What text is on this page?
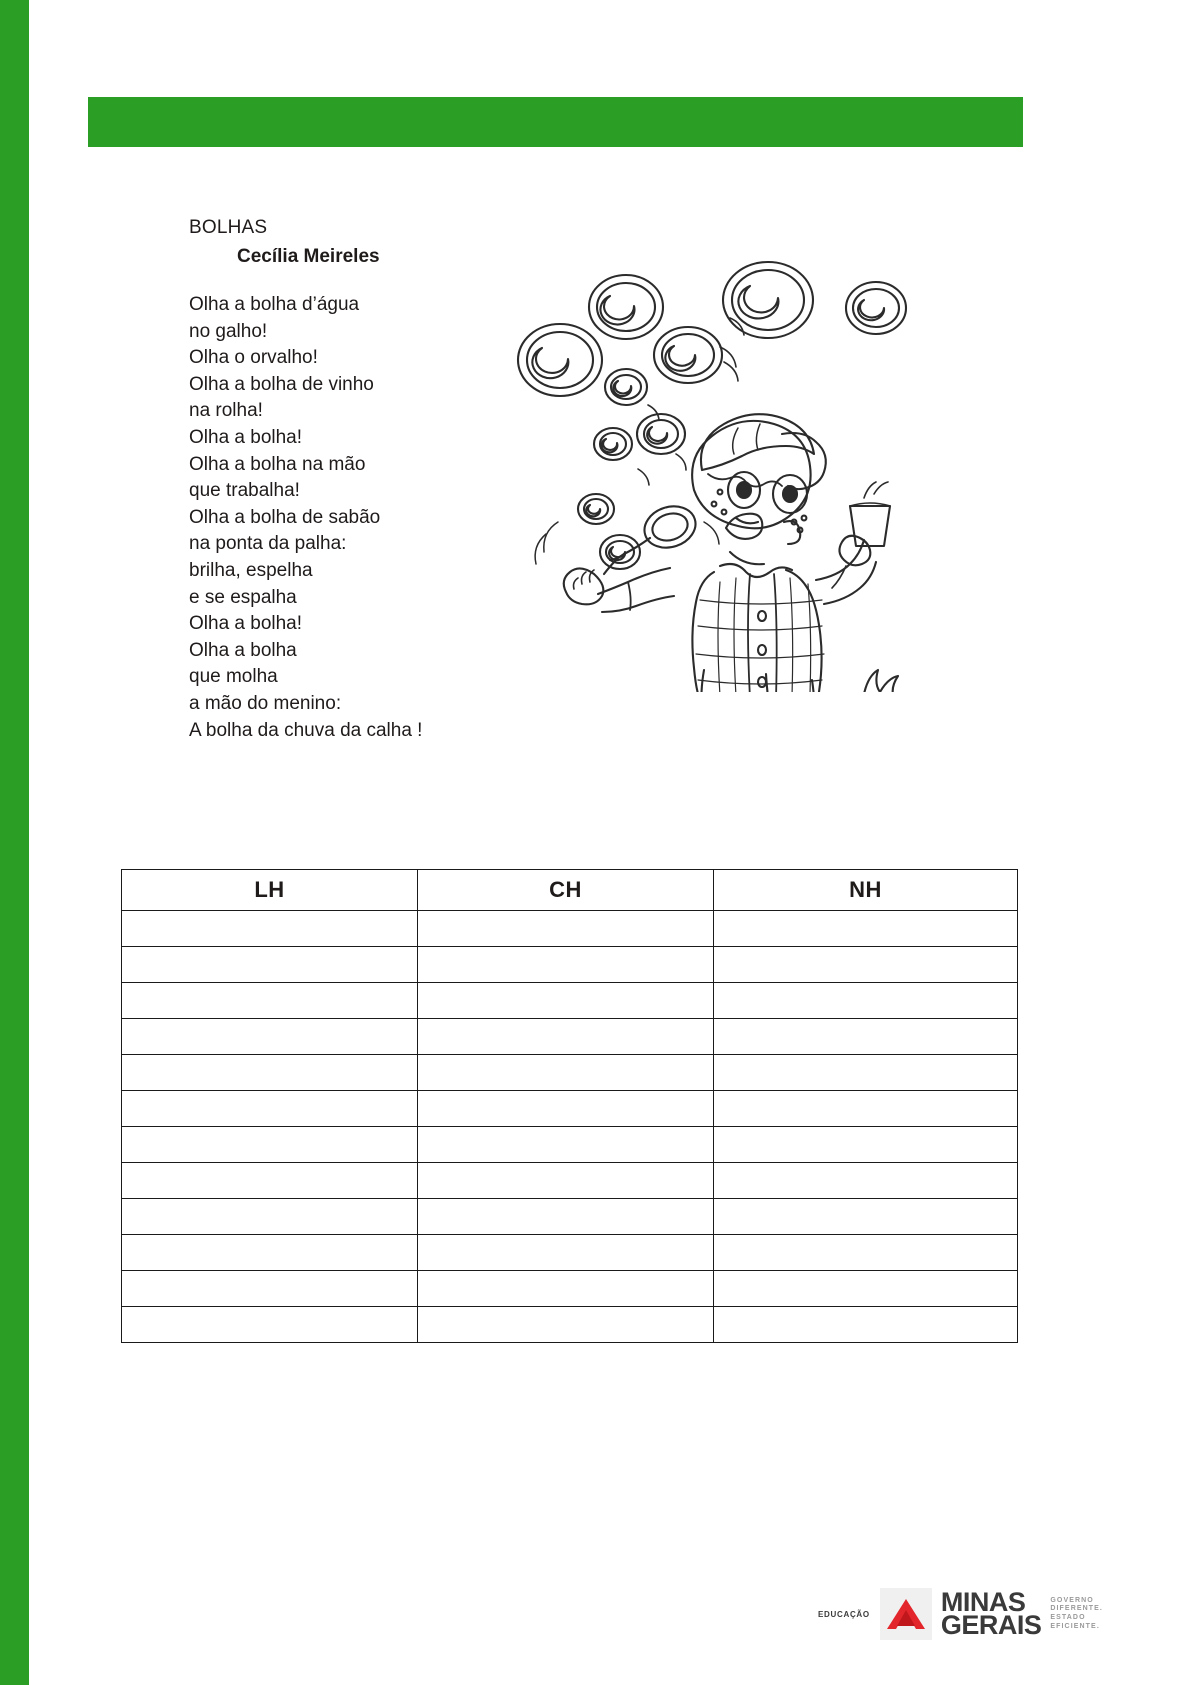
BOLHAS
Cecília Meireles
Olha a bolha d’água
no galho!
Olha o orvalho!
Olha a bolha de vinho
na rolha!
Olha a bolha!
Olha a bolha na mão
que trabalha!
Olha a bolha de sabão
na ponta da palha:
brilha, espelha
e se espalha
Olha a bolha!
Olha a bolha
que molha
a mão do menino:
A bolha da chuva da calha !
LH	CH	NH

EDUCAÇÃO	MINAS
GERAIS
GOVERNO
DIFERENTE.
ESTADO
EFICIENTE.
